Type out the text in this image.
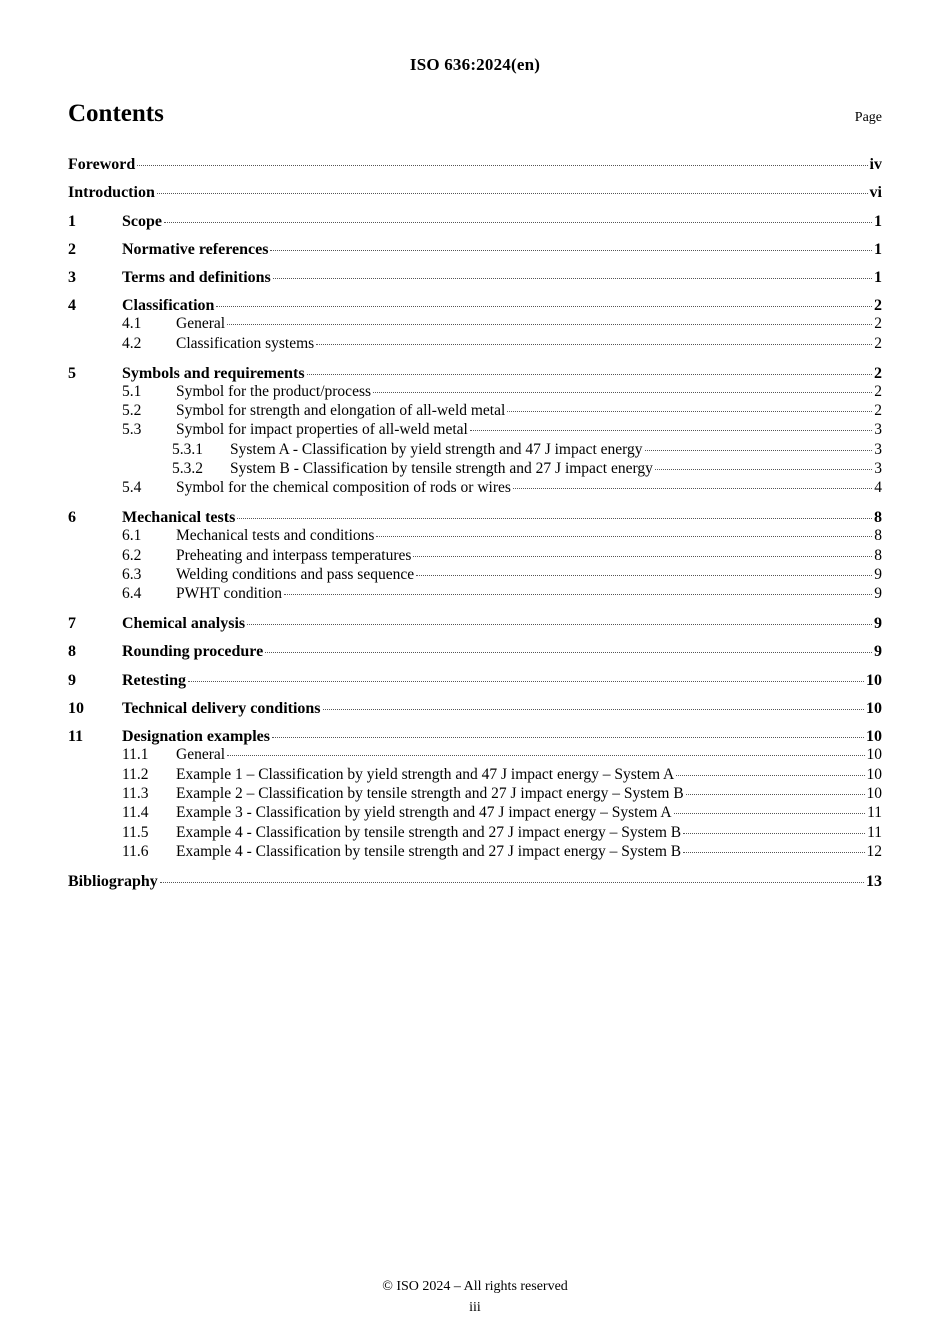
ISO 636:2024(en)
Contents	Page
Foreword	iv
Introduction	vi
1	Scope	1
2	Normative references	1
3	Terms and definitions	1
4	Classification	2
4.1	General	2
4.2	Classification systems	2
5	Symbols and requirements	2
5.1	Symbol for the product/process	2
5.2	Symbol for strength and elongation of all-weld metal	2
5.3	Symbol for impact properties of all-weld metal	3
5.3.1	System A - Classification by yield strength and 47 J impact energy	3
5.3.2	System B - Classification by tensile strength and 27 J impact energy	3
5.4	Symbol for the chemical composition of rods or wires	4
6	Mechanical tests	8
6.1	Mechanical tests and conditions	8
6.2	Preheating and interpass temperatures	8
6.3	Welding conditions and pass sequence	9
6.4	PWHT condition	9
7	Chemical analysis	9
8	Rounding procedure	9
9	Retesting	10
10	Technical delivery conditions	10
11	Designation examples	10
11.1	General	10
11.2	Example 1 – Classification by yield strength and 47 J impact energy – System A	10
11.3	Example 2 – Classification by tensile strength and 27 J impact energy – System B	10
11.4	Example 3 - Classification by yield strength and 47 J impact energy – System A	11
11.5	Example 4 - Classification by tensile strength and 27 J impact energy – System B	11
11.6	Example 4 - Classification by tensile strength and 27 J impact energy – System B	12
Bibliography	13
© ISO 2024 – All rights reserved
iii
